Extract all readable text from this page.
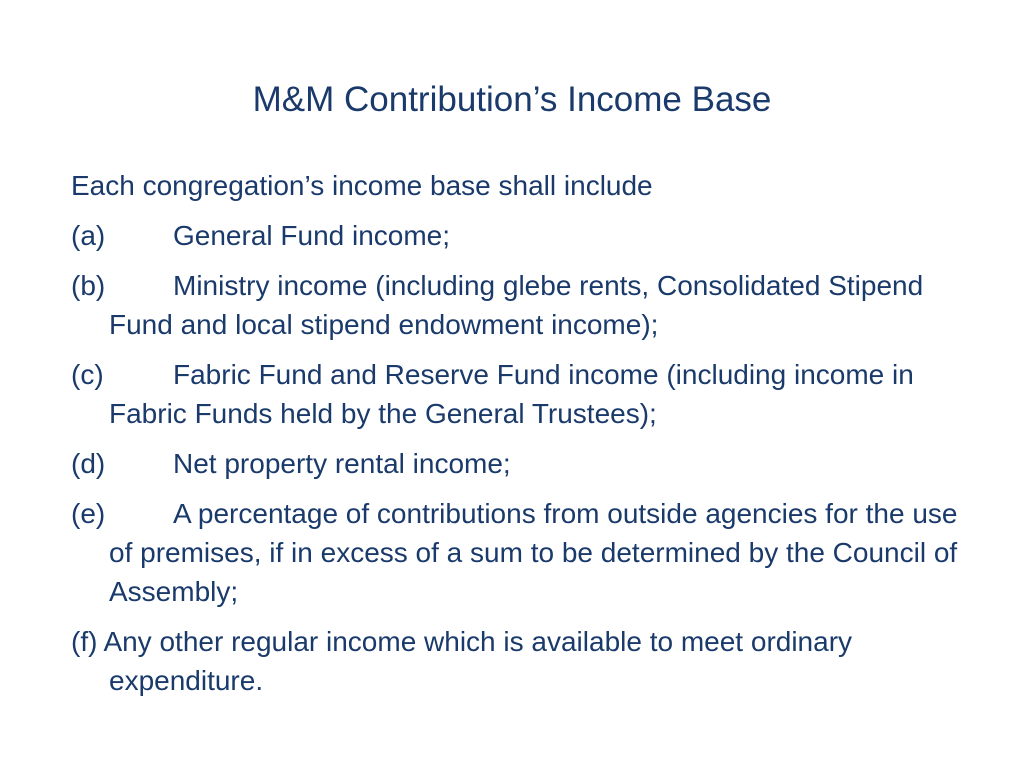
M&M Contribution’s Income Base

Each congregation’s income base shall include

(a) General Fund income;

(b) Ministry income (including glebe rents, Consolidated Stipend Fund and local stipend endowment income);

(c) Fabric Fund and Reserve Fund income (including income in Fabric Funds held by the General Trustees);

(d) Net property rental income;

(e) A percentage of contributions from outside agencies for the use of premises, if in excess of a sum to be determined by the Council of Assembly;

(f) Any other regular income which is available to meet ordinary expenditure.
